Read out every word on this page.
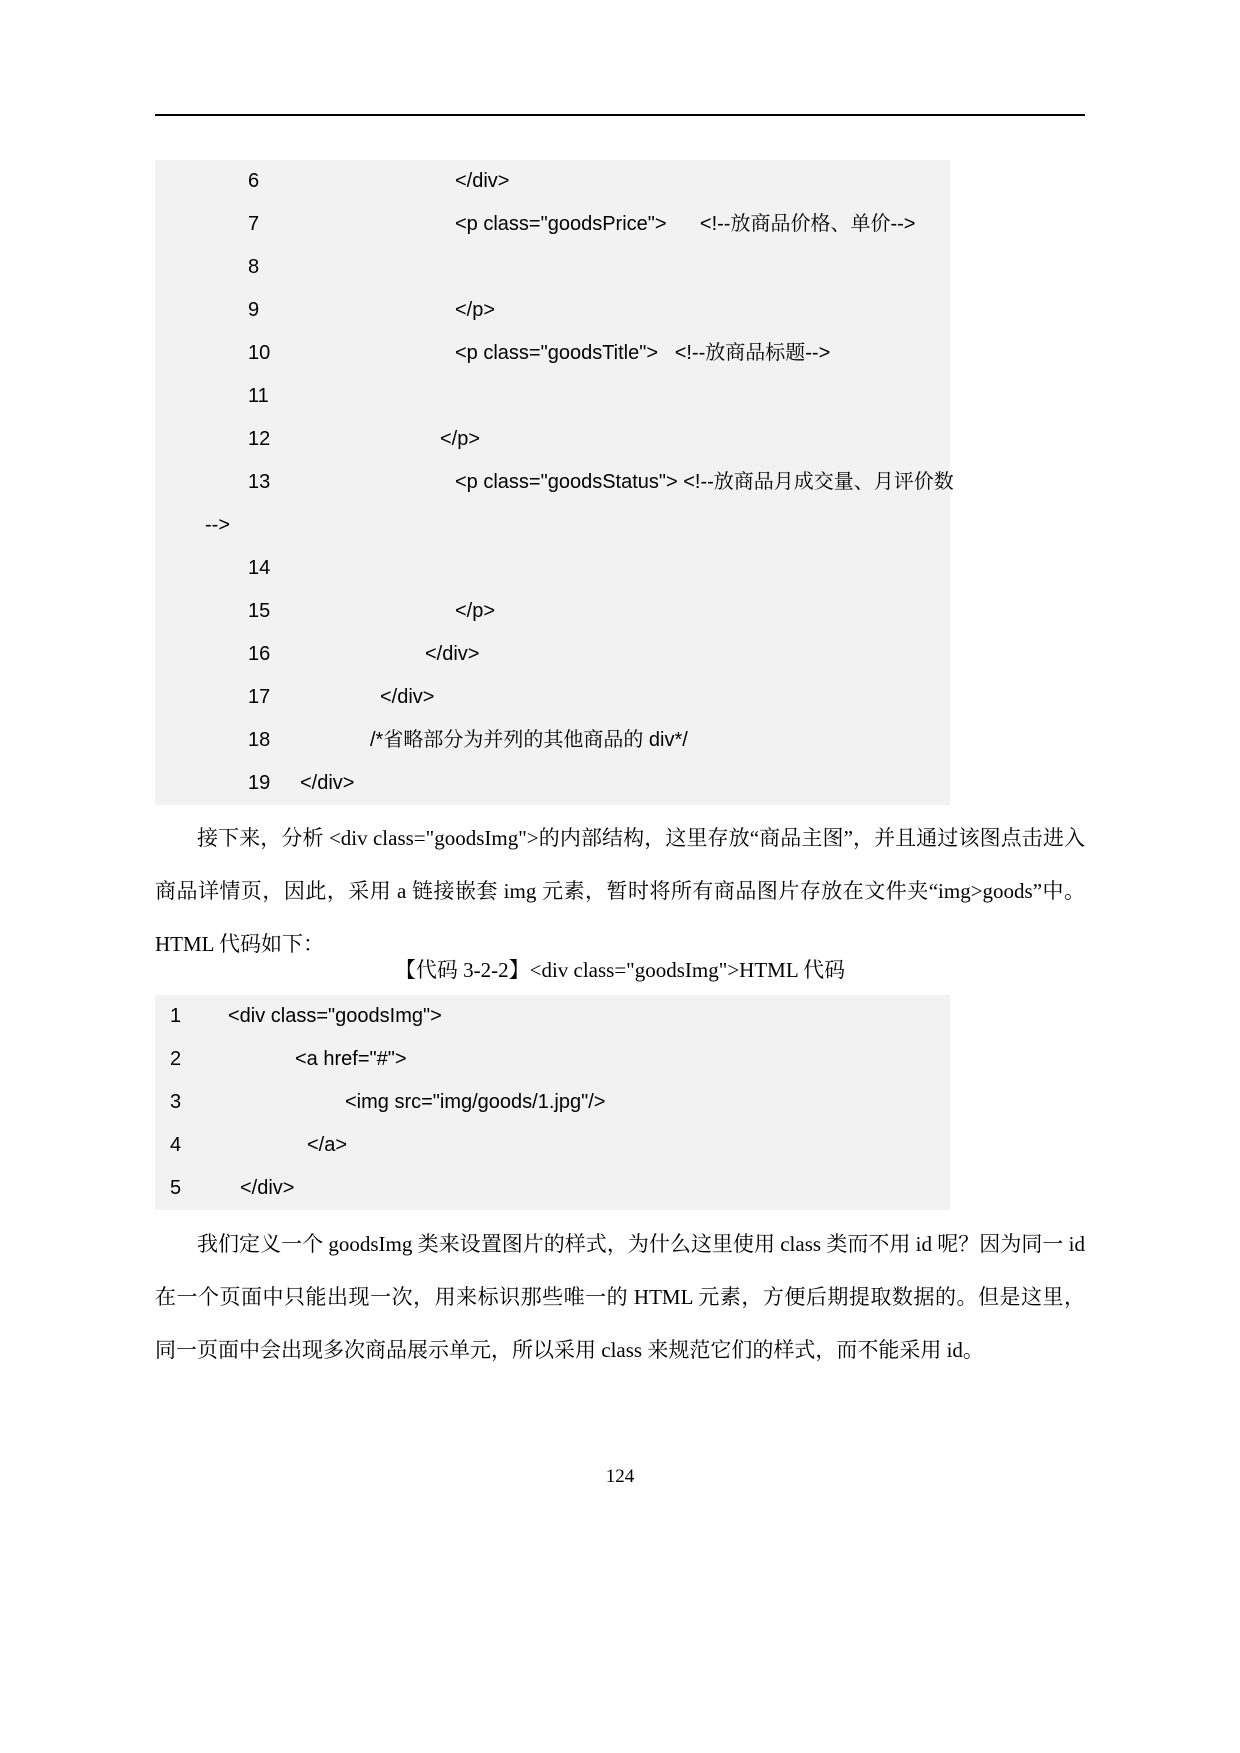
6	</div>
7	<p class="goodsPrice">      <!--放商品价格、单价-->
8
9	</p>
10	<p class="goodsTitle">   <!--放商品标题-->
11
12	</p>
13	<p class="goodsStatus"> <!--放商品月成交量、月评价数
-->
14
15	</p>
16	</div>
17	</div>
18	/*省略部分为并列的其他商品的 div*/
19 </div>
接下来，分析 <div class="goodsImg">的内部结构，这里存放“商品主图”，并且通过该图点击进入商品详情页，因此，采用 a 链接嵌套 img 元素，暂时将所有商品图片存放在文件夹“img>goods”中。HTML 代码如下：
【代码 3-2-2】<div class="goodsImg">HTML 代码
1 <div class="goodsImg">
2	<a href="#">
3	<img src="img/goods/1.jpg"/>
4	</a>
5	</div>
我们定义一个 goodsImg 类来设置图片的样式，为什么这里使用 class 类而不用 id 呢？因为同一 id 在一个页面中只能出现一次，用来标识那些唯一的 HTML 元素，方便后期提取数据的。但是这里，同一页面中会出现多次商品展示单元，所以采用 class 来规范它们的样式，而不能采用 id。
124
